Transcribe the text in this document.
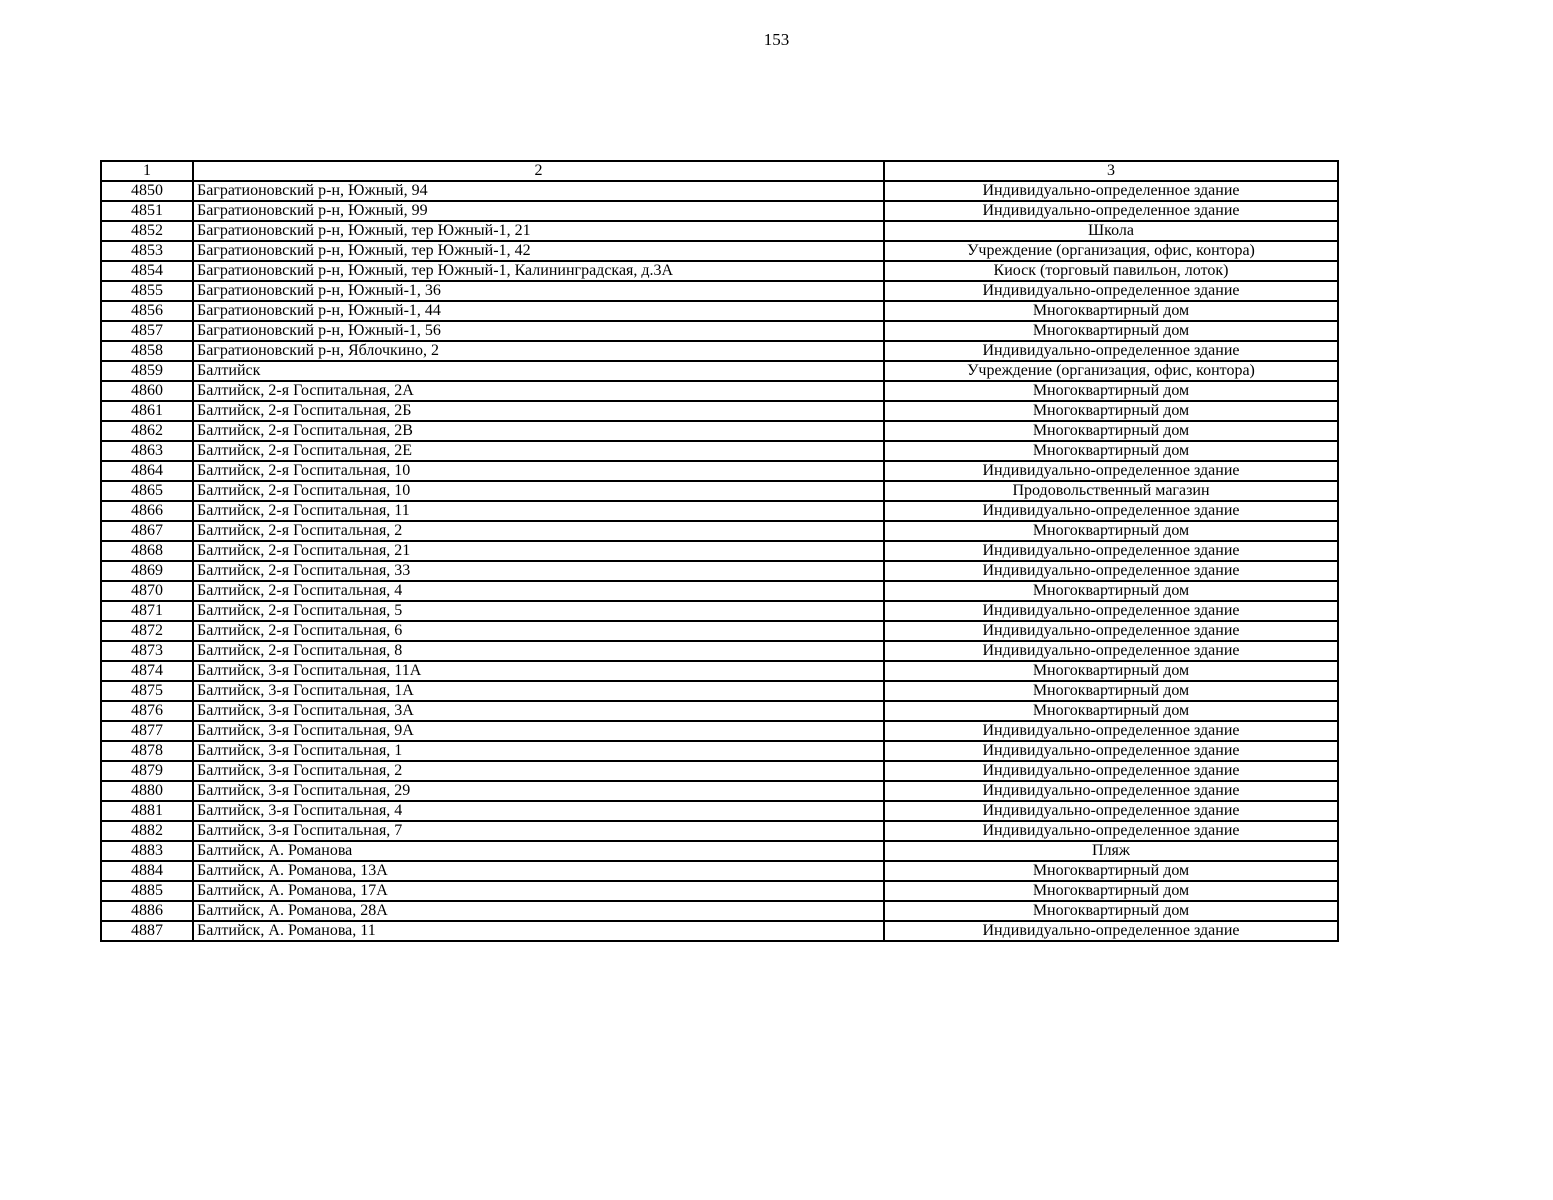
153
1	2	3
4850	Багратионовский р-н, Южный, 94	Индивидуально-определенное здание
4851	Багратионовский р-н, Южный, 99	Индивидуально-определенное здание
4852	Багратионовский р-н, Южный, тер Южный-1, 21	Школа
4853	Багратионовский р-н, Южный, тер Южный-1, 42	Учреждение (организация, офис, контора)
4854	Багратионовский р-н, Южный, тер Южный-1, Калининградская, д.3А	Киоск (торговый павильон, лоток)
4855	Багратионовский р-н, Южный-1, 36	Индивидуально-определенное здание
4856	Багратионовский р-н, Южный-1, 44	Многоквартирный дом
4857	Багратионовский р-н, Южный-1, 56	Многоквартирный дом
4858	Багратионовский р-н, Яблочкино, 2	Индивидуально-определенное здание
4859	Балтийск	Учреждение (организация, офис, контора)
4860	Балтийск, 2-я Госпитальная, 2А	Многоквартирный дом
4861	Балтийск, 2-я Госпитальная, 2Б	Многоквартирный дом
4862	Балтийск, 2-я Госпитальная, 2В	Многоквартирный дом
4863	Балтийск, 2-я Госпитальная, 2Е	Многоквартирный дом
4864	Балтийск, 2-я Госпитальная, 10	Индивидуально-определенное здание
4865	Балтийск, 2-я Госпитальная, 10	Продовольственный магазин
4866	Балтийск, 2-я Госпитальная, 11	Индивидуально-определенное здание
4867	Балтийск, 2-я Госпитальная, 2	Многоквартирный дом
4868	Балтийск, 2-я Госпитальная, 21	Индивидуально-определенное здание
4869	Балтийск, 2-я Госпитальная, 33	Индивидуально-определенное здание
4870	Балтийск, 2-я Госпитальная, 4	Многоквартирный дом
4871	Балтийск, 2-я Госпитальная, 5	Индивидуально-определенное здание
4872	Балтийск, 2-я Госпитальная, 6	Индивидуально-определенное здание
4873	Балтийск, 2-я Госпитальная, 8	Индивидуально-определенное здание
4874	Балтийск, 3-я Госпитальная, 11А	Многоквартирный дом
4875	Балтийск, 3-я Госпитальная, 1А	Многоквартирный дом
4876	Балтийск, 3-я Госпитальная, 3А	Многоквартирный дом
4877	Балтийск, 3-я Госпитальная, 9А	Индивидуально-определенное здание
4878	Балтийск, 3-я Госпитальная, 1	Индивидуально-определенное здание
4879	Балтийск, 3-я Госпитальная, 2	Индивидуально-определенное здание
4880	Балтийск, 3-я Госпитальная, 29	Индивидуально-определенное здание
4881	Балтийск, 3-я Госпитальная, 4	Индивидуально-определенное здание
4882	Балтийск, 3-я Госпитальная, 7	Индивидуально-определенное здание
4883	Балтийск, А. Романова	Пляж
4884	Балтийск, А. Романова, 13А	Многоквартирный дом
4885	Балтийск, А. Романова, 17А	Многоквартирный дом
4886	Балтийск, А. Романова, 28А	Многоквартирный дом
4887	Балтийск, А. Романова, 11	Индивидуально-определенное здание
